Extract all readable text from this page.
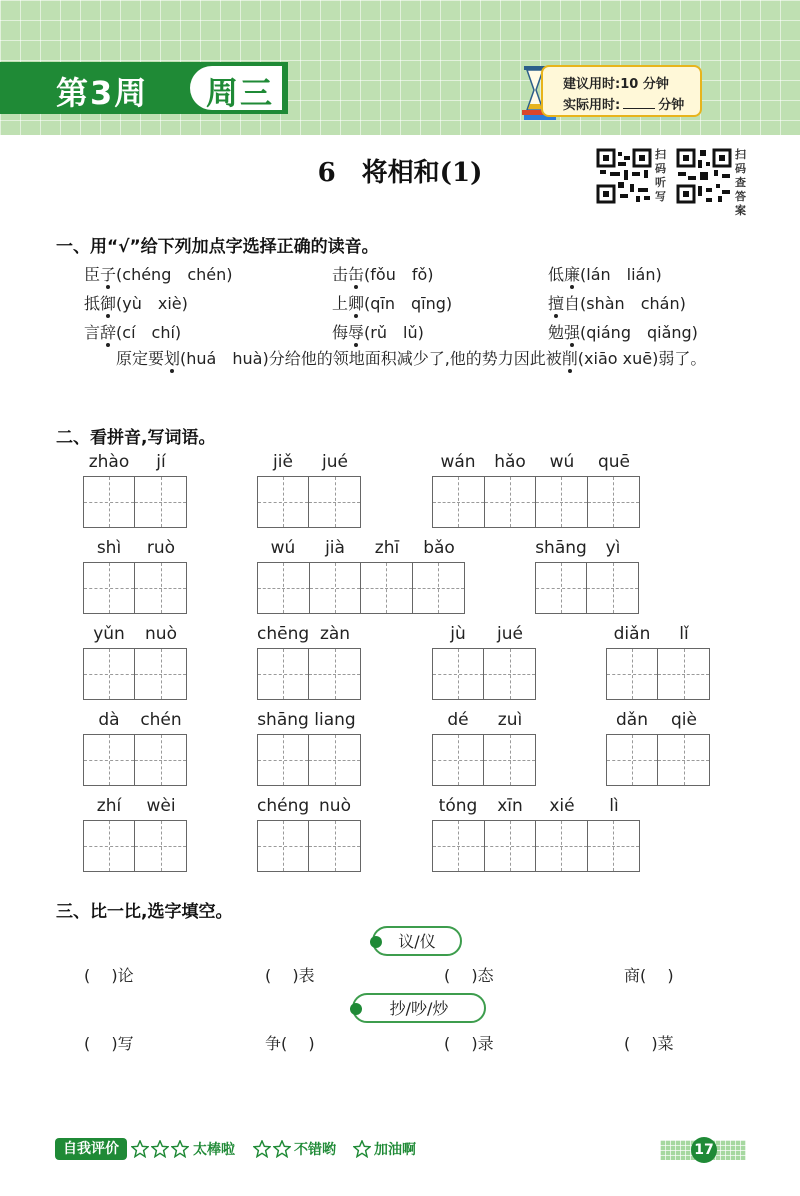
第3周 周三	建议用时:10 分钟
实际用时:	分钟
6　将相和(1)
扫码听写
扫码查答案
一、用“√”给下列加点字选择正确的读音。
臣子(chéng　chén)	击缶(fǒu　fǒ)	低廉(lán　lián)
抵御(yù　xiè)	上卿(qīn　qīng)	擅自(shàn　chán)
言辞(cí　chí)	侮辱(rǔ　lǔ)	勉强(qiáng　qiǎng)
原定要划(huá　huà)分给他的领地面积减少了,他的势力因此被削(xiāo xuē)弱了。
二、看拼音,写词语。
zhào	jí	jiě	jué	wán	hǎo	wú	quē
shì	ruò	wú	jià	zhī	bǎo	shāng	yì
yǔn	nuò	chēng zàn	jù	jué	diǎn	lǐ
dà	chén	shāng liang	dé	zuì	dǎn	qiè
zhí	wèi	chéng nuò	tóng	xīn	xié	lì
三、比一比,选字填空。
议/仪
(　 )论	(　 )表	(　 )态	商(　 )
抄/吵/炒
(　 )写	争(　 )	(　 )录	(　 )菜
自我评价	太棒啦	不错哟	加油啊	17
